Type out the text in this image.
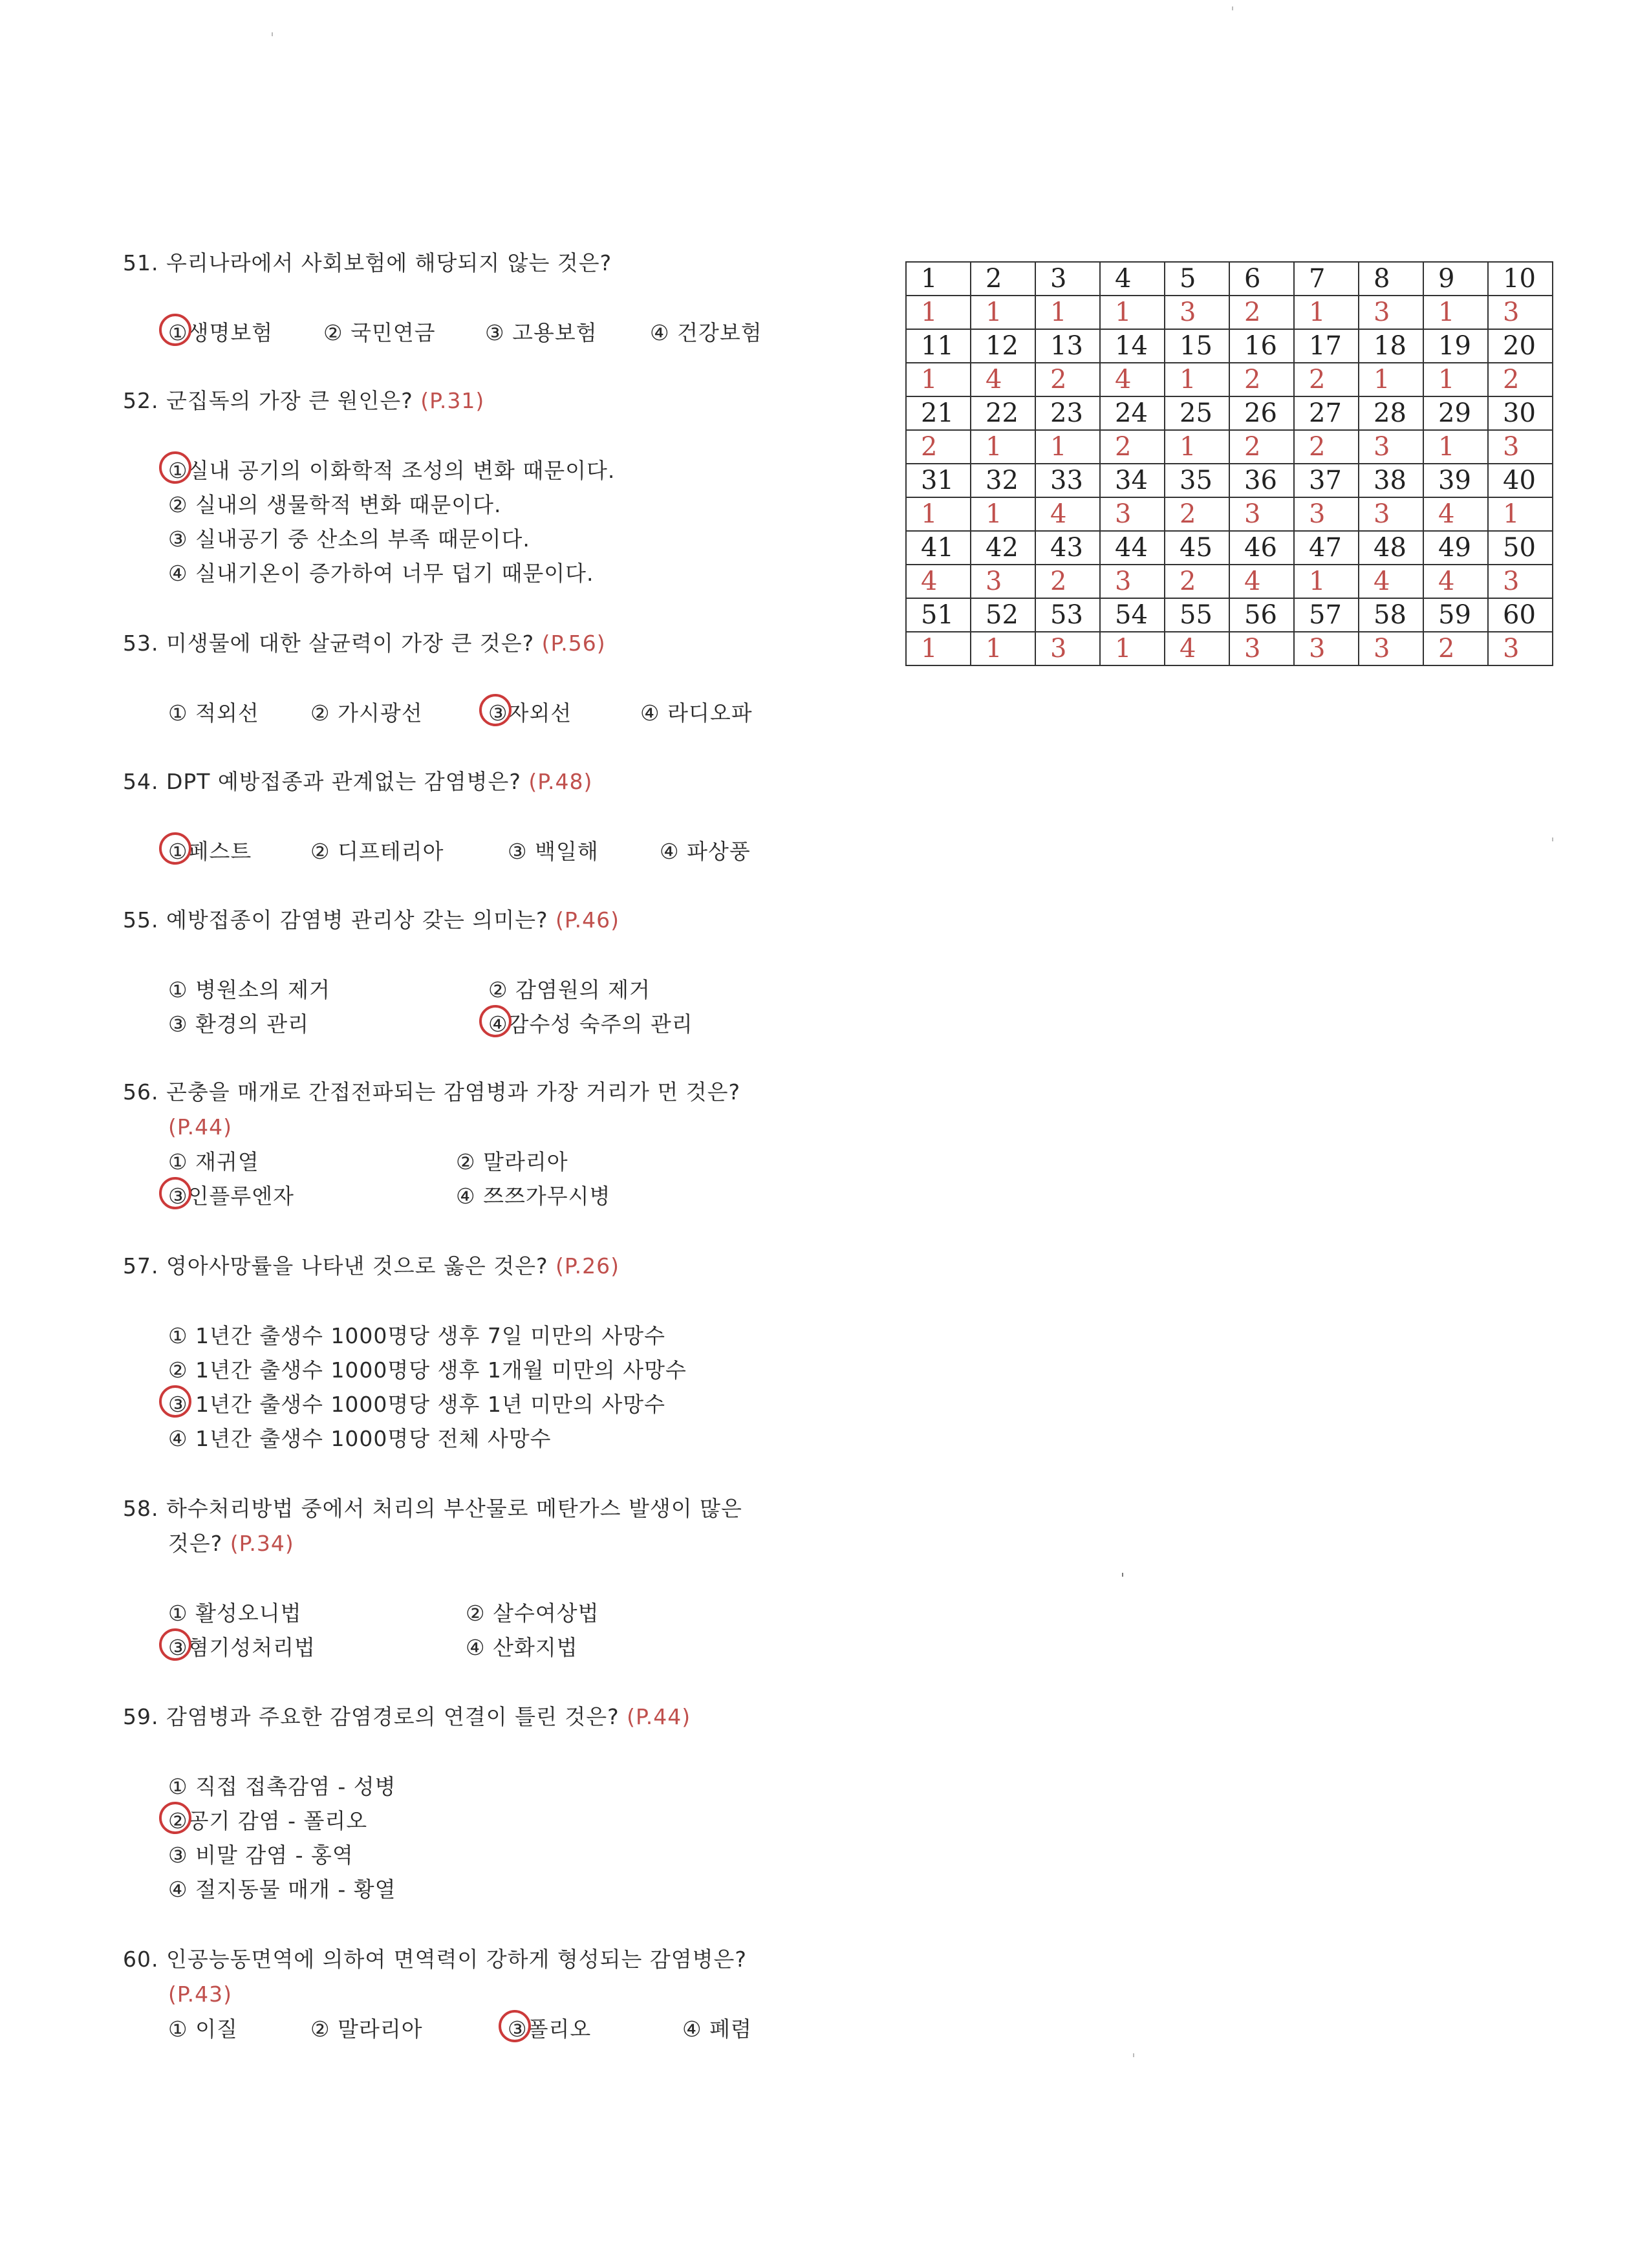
51. 우리나라에서 사회보험에 해당되지 않는 것은?
①생명보험 ② 국민연금 ③ 고용보험 ④ 건강보험
52. 군집독의 가장 큰 원인은? (P.31)
①실내 공기의 이화학적 조성의 변화 때문이다.
② 실내의 생물학적 변화 때문이다.
③ 실내공기 중 산소의 부족 때문이다.
④ 실내기온이 증가하여 너무 덥기 때문이다.
53. 미생물에 대한 살균력이 가장 큰 것은? (P.56)
① 적외선 ② 가시광선	③자외선	④ 라디오파
54. DPT 예방접종과 관계없는 감염병은? (P.48)
①페스트	② 디프테리아	③ 백일해	④ 파상풍
55. 예방접종이 감염병 관리상 갖는 의미는? (P.46)
① 병원소의 제거	② 감염원의 제거
③ 환경의 관리	④감수성 숙주의 관리
56. 곤충을 매개로 간접전파되는 감염병과 가장 거리가 먼 것은?
(P.44)
① 재귀열	② 말라리아
③인플루엔자	④ 쯔쯔가무시병
57. 영아사망률을 나타낸 것으로 옳은 것은? (P.26)
① 1년간 출생수 1000명당 생후 7일 미만의 사망수
② 1년간 출생수 1000명당 생후 1개월 미만의 사망수
③ 1년간 출생수 1000명당 생후 1년 미만의 사망수
④ 1년간 출생수 1000명당 전체 사망수
58. 하수처리방법 중에서 처리의 부산물로 메탄가스 발생이 많은
것은? (P.34)
① 활성오니법	② 살수여상법
③혐기성처리법	④ 산화지법
59. 감염병과 주요한 감염경로의 연결이 틀린 것은? (P.44)
① 직접 접촉감염 - 성병
②공기 감염 - 폴리오
③ 비말 감염 - 홍역
④ 절지동물 매개 - 황열
60. 인공능동면역에 의하여 면역력이 강하게 형성되는 감염병은?
(P.43)
① 이질	② 말라리아	③폴리오	④ 폐렴
1	2	3	4	5	6	7	8	9	10
1	1	1	1	3	2	1	3	1	3
11	12	13	14	15	16	17	18	19	20
1	4	2	4	1	2	2	1	1	2
21	22	23	24	25	26	27	28	29	30
2	1	1	2	1	2	2	3	1	3
31	32	33	34	35	36	37	38	39	40
1	1	4	3	2	3	3	3	4	1
41	42	43	44	45	46	47	48	49	50
4	3	2	3	2	4	1	4	4	3
51	52	53	54	55	56	57	58	59	60
1	1	3	1	4	3	3	3	2	3
